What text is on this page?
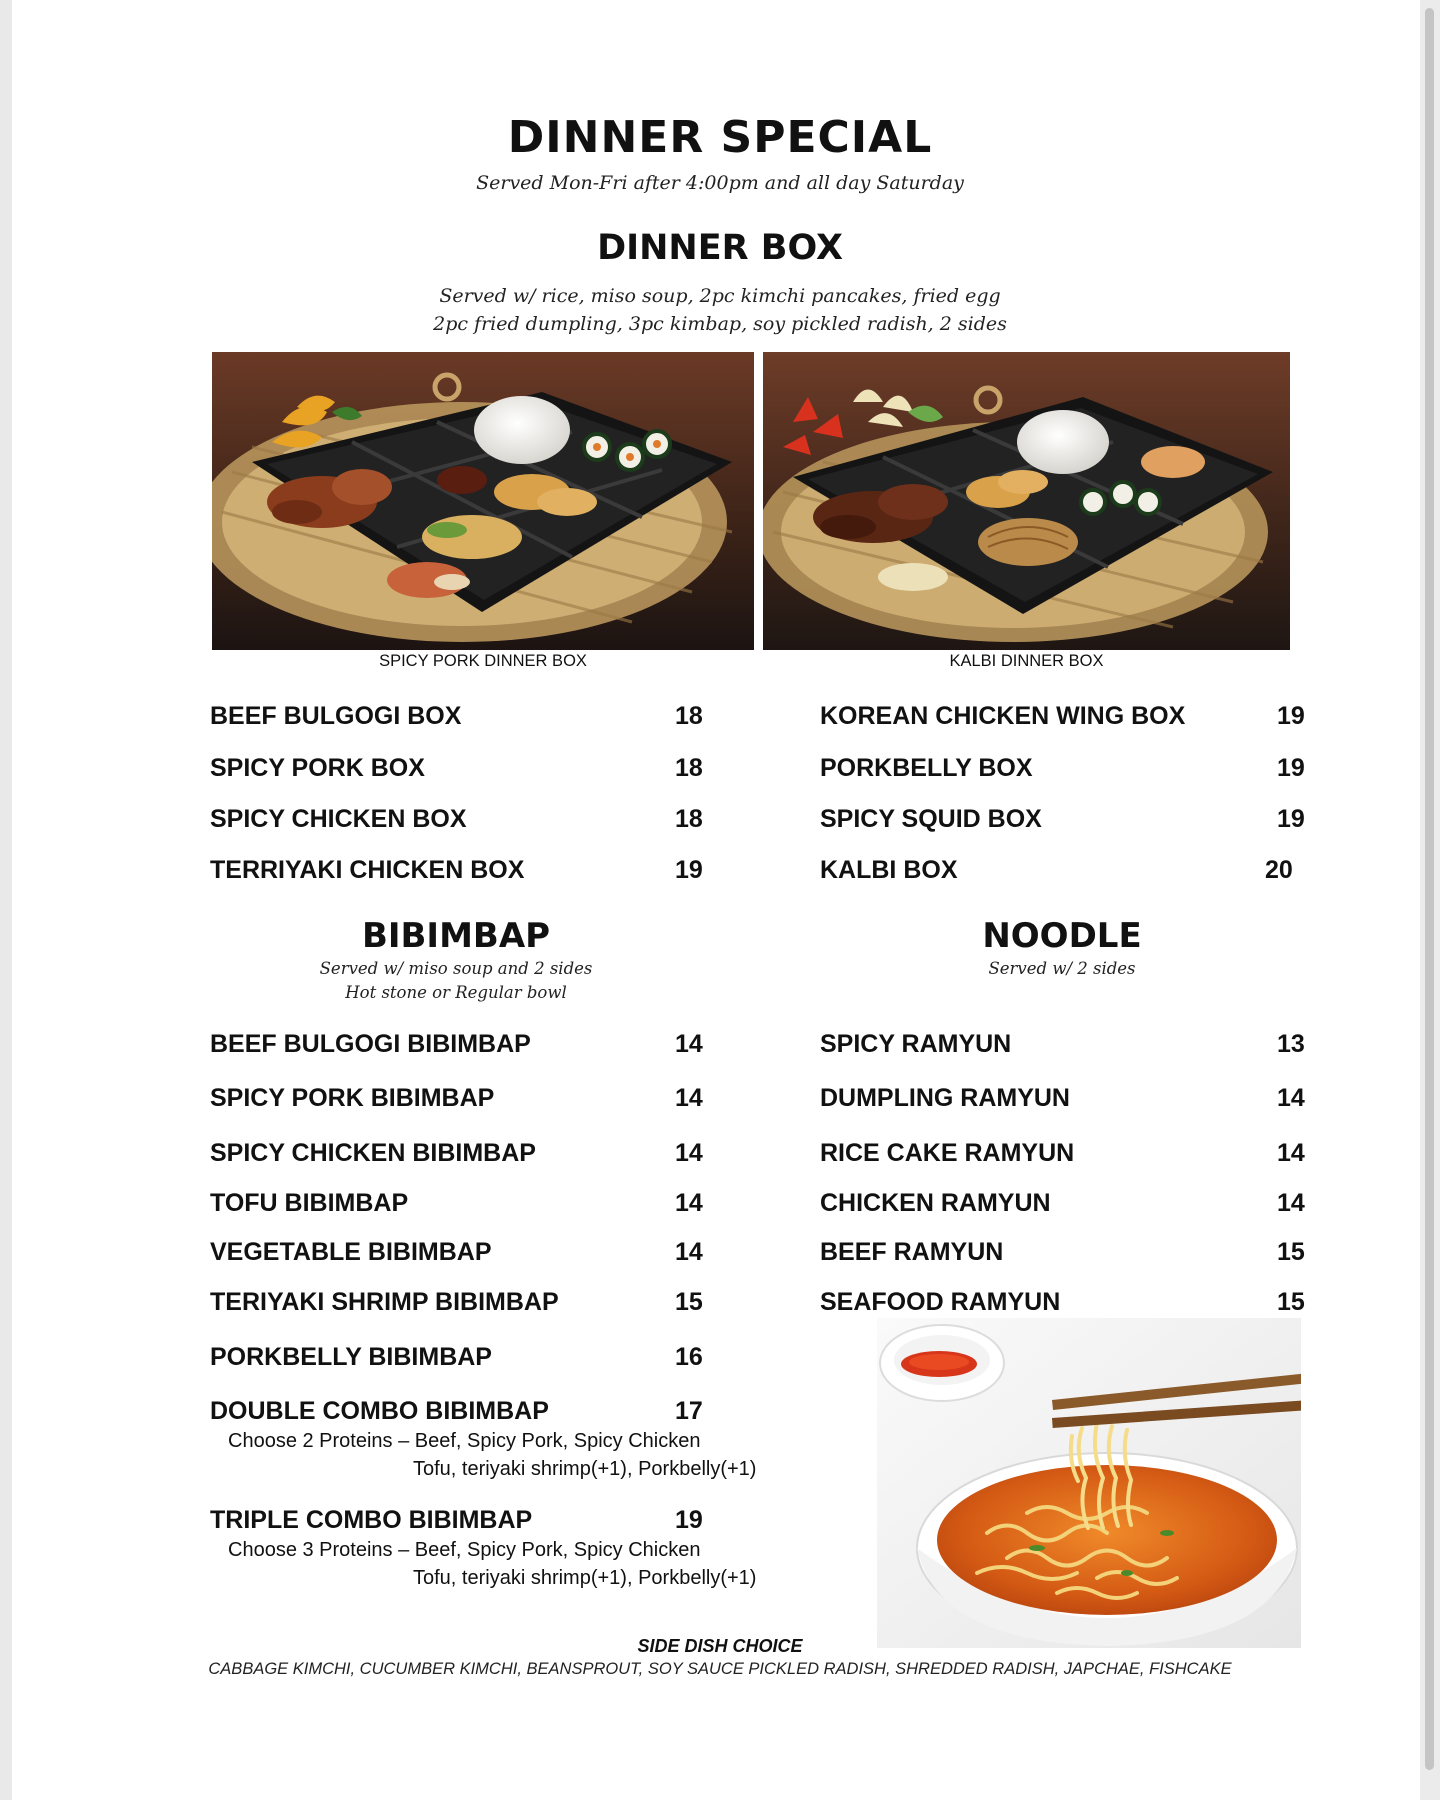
DINNER SPECIAL
Served Mon-Fri after 4:00pm and all day Saturday
DINNER BOX
Served w/ rice, miso soup, 2pc kimchi pancakes, fried egg
2pc fried dumpling, 3pc kimbap, soy pickled radish, 2 sides
SPICY PORK DINNER BOX	KALBI DINNER BOX
BEEF BULGOGI BOX	18
SPICY PORK BOX	18
SPICY CHICKEN BOX	18
TERRIYAKI CHICKEN BOX	19
KOREAN CHICKEN WING BOX	19
PORKBELLY BOX	19
SPICY SQUID BOX	19
KALBI BOX	20
BIBIMBAP
Served w/ miso soup and 2 sides
Hot stone or Regular bowl
NOODLE
Served w/ 2 sides
BEEF BULGOGI BIBIMBAP	14
SPICY PORK BIBIMBAP	14
SPICY CHICKEN BIBIMBAP	14
TOFU BIBIMBAP	14
VEGETABLE BIBIMBAP	14
TERIYAKI SHRIMP BIBIMBAP	15
PORKBELLY BIBIMBAP	16
DOUBLE COMBO BIBIMBAP	17
Choose 2 Proteins – Beef, Spicy Pork, Spicy Chicken
Tofu, teriyaki shrimp(+1), Porkbelly(+1)
TRIPLE COMBO BIBIMBAP	19
Choose 3 Proteins – Beef, Spicy Pork, Spicy Chicken
Tofu, teriyaki shrimp(+1), Porkbelly(+1)
SPICY RAMYUN	13
DUMPLING RAMYUN	14
RICE CAKE RAMYUN	14
CHICKEN RAMYUN	14
BEEF RAMYUN	15
SEAFOOD RAMYUN	15
SIDE DISH CHOICE
CABBAGE KIMCHI, CUCUMBER KIMCHI, BEANSPROUT, SOY SAUCE PICKLED RADISH, SHREDDED RADISH, JAPCHAE, FISHCAKE
